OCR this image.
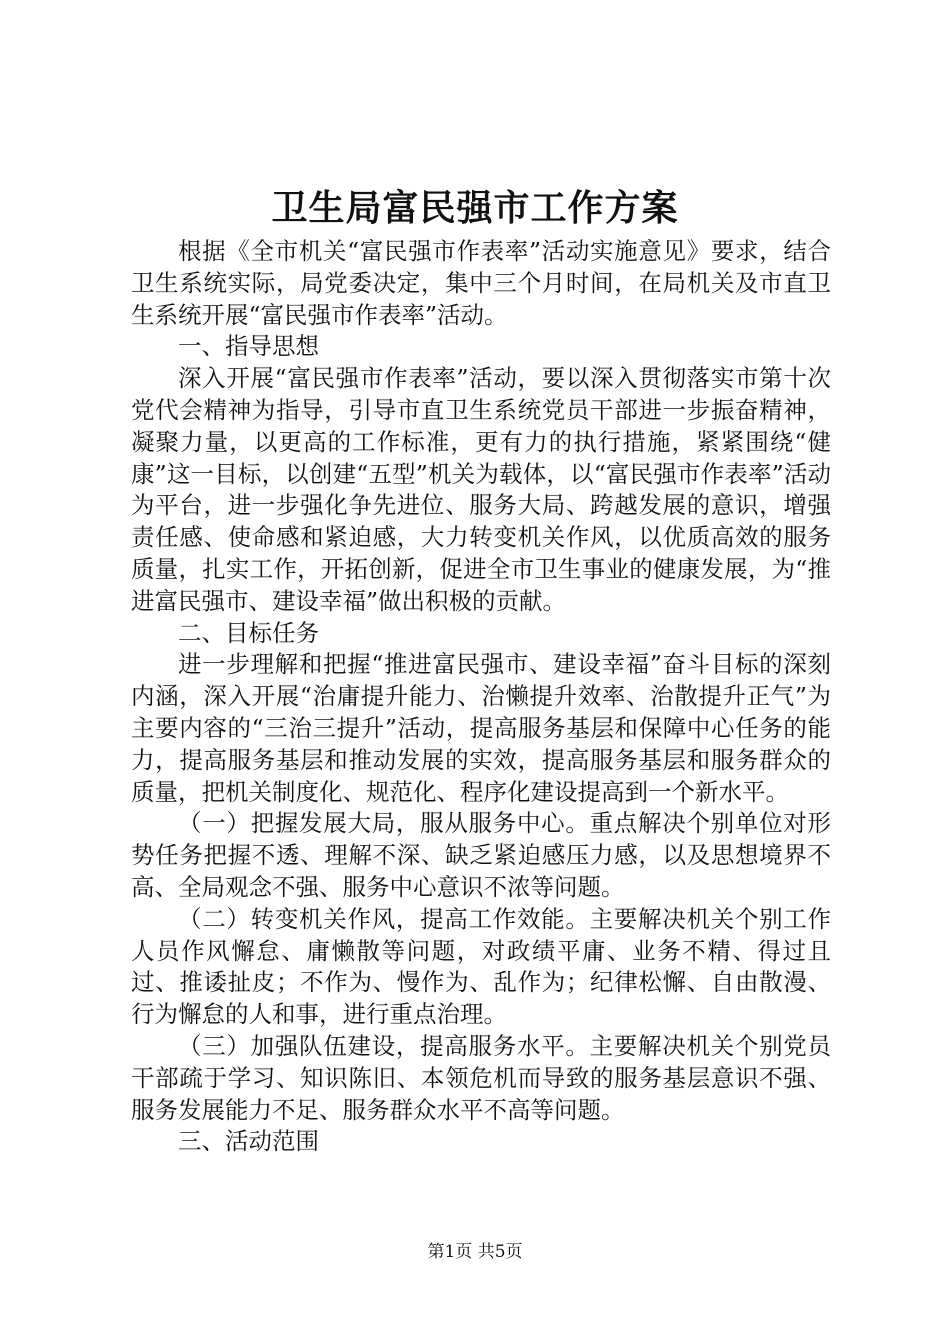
卫生局富民强市工作方案

根据《全市机关“富民强市作表率”活动实施意见》要求，结合卫生系统实际，局党委决定，集中三个月时间，在局机关及市直卫生系统开展“富民强市作表率”活动。

一、指导思想

深入开展“富民强市作表率”活动，要以深入贯彻落实市第十次党代会精神为指导，引导市直卫生系统党员干部进一步振奋精神，凝聚力量，以更高的工作标准，更有力的执行措施，紧紧围绕“健康”这一目标，以创建“五型”机关为载体，以“富民强市作表率”活动为平台，进一步强化争先进位、服务大局、跨越发展的意识，增强责任感、使命感和紧迫感，大力转变机关作风，以优质高效的服务质量，扎实工作，开拓创新，促进全市卫生事业的健康发展，为“推进富民强市、建设幸福”做出积极的贡献。

二、目标任务

进一步理解和把握“推进富民强市、建设幸福”奋斗目标的深刻内涵，深入开展“治庸提升能力、治懒提升效率、治散提升正气”为主要内容的“三治三提升”活动，提高服务基层和保障中心任务的能力，提高服务基层和推动发展的实效，提高服务基层和服务群众的质量，把机关制度化、规范化、程序化建设提高到一个新水平。

（一）把握发展大局，服从服务中心。重点解决个别单位对形势任务把握不透、理解不深、缺乏紧迫感压力感，以及思想境界不高、全局观念不强、服务中心意识不浓等问题。

（二）转变机关作风，提高工作效能。主要解决机关个别工作人员作风懈怠、庸懒散等问题，对政绩平庸、业务不精、得过且过、推诿扯皮；不作为、慢作为、乱作为；纪律松懈、自由散漫、行为懈怠的人和事，进行重点治理。

（三）加强队伍建设，提高服务水平。主要解决机关个别党员干部疏于学习、知识陈旧、本领危机而导致的服务基层意识不强、服务发展能力不足、服务群众水平不高等问题。

三、活动范围

第1页 共5页
